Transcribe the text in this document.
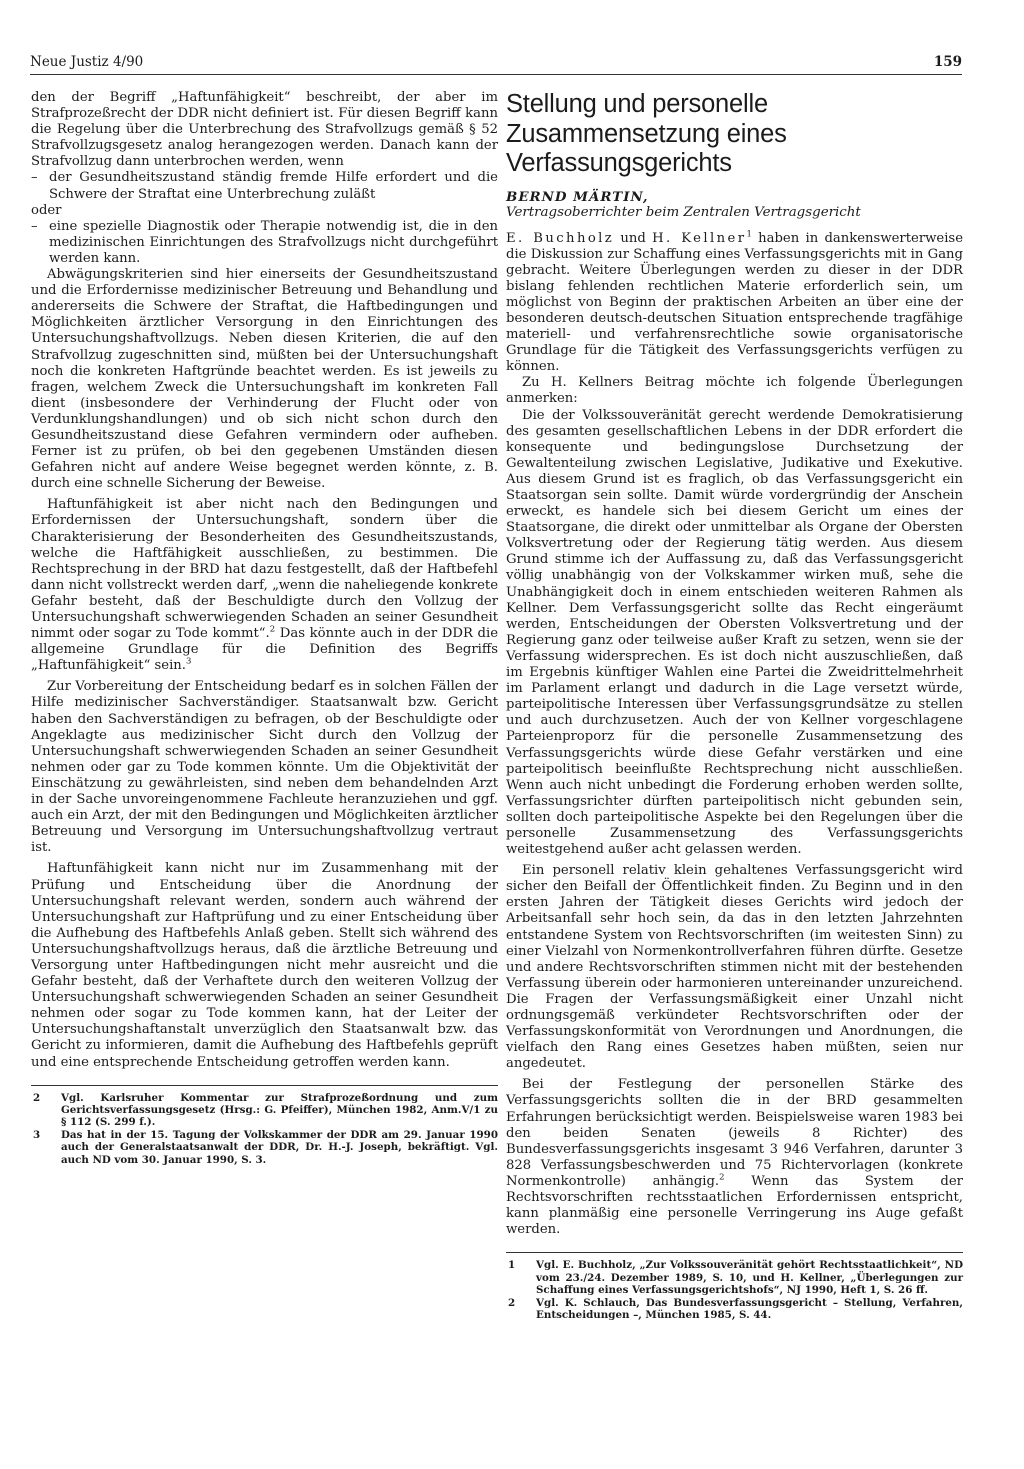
Neue Justiz 4/90	159

den der Begriff „Haftunfähigkeit“ beschreibt, der aber im Strafprozeßrecht der DDR nicht definiert ist. Für diesen Begriff kann die Regelung über die Unterbrechung des Strafvollzugs gemäß § 52 Strafvollzugsgesetz analog herangezogen werden. Danach kann der Strafvollzug dann unterbrochen werden, wenn

– der Gesundheitszustand ständig fremde Hilfe erfordert und die Schwere der Straftat eine Unterbrechung zuläßt

oder

– eine spezielle Diagnostik oder Therapie notwendig ist, die in den medizinischen Einrichtungen des Strafvollzugs nicht durchgeführt werden kann.

Abwägungskriterien sind hier einerseits der Gesundheitszustand und die Erfordernisse medizinischer Betreuung und Behandlung und andererseits die Schwere der Straftat, die Haftbedingungen und Möglichkeiten ärztlicher Versorgung in den Einrichtungen des Untersuchungshaftvollzugs. Neben diesen Kriterien, die auf den Strafvollzug zugeschnitten sind, müßten bei der Untersuchungshaft noch die konkreten Haftgründe beachtet werden. Es ist jeweils zu fragen, welchem Zweck die Untersuchungshaft im konkreten Fall dient (insbesondere der Verhinderung der Flucht oder von Verdunklungshandlungen) und ob sich nicht schon durch den Gesundheitszustand diese Gefahren vermindern oder aufheben. Ferner ist zu prüfen, ob bei den gegebenen Umständen diesen Gefahren nicht auf andere Weise begegnet werden könnte, z. B. durch eine schnelle Sicherung der Beweise.

Haftunfähigkeit ist aber nicht nach den Bedingungen und Erfordernissen der Untersuchungshaft, sondern über die Charakterisierung der Besonderheiten des Gesundheitszustands, welche die Haftfähigkeit ausschließen, zu bestimmen. Die Rechtsprechung in der BRD hat dazu festgestellt, daß der Haftbefehl dann nicht vollstreckt werden darf, „wenn die naheliegende konkrete Gefahr besteht, daß der Beschuldigte durch den Vollzug der Untersuchungshaft schwerwiegenden Schaden an seiner Gesundheit nimmt oder sogar zu Tode kommt“.$^2$ Das könnte auch in der DDR die allgemeine Grundlage für die Definition des Begriffs „Haftunfähigkeit“ sein.$^3$

Zur Vorbereitung der Entscheidung bedarf es in solchen Fällen der Hilfe medizinischer Sachverständiger. Staatsanwalt bzw. Gericht haben den Sachverständigen zu befragen, ob der Beschuldigte oder Angeklagte aus medizinischer Sicht durch den Vollzug der Untersuchungshaft schwerwiegenden Schaden an seiner Gesundheit nehmen oder gar zu Tode kommen könnte. Um die Objektivität der Einschätzung zu gewährleisten, sind neben dem behandelnden Arzt in der Sache unvoreingenommene Fachleute heranzuziehen und ggf. auch ein Arzt, der mit den Bedingungen und Möglichkeiten ärztlicher Betreuung und Versorgung im Untersuchungshaftvollzug vertraut ist.

Haftunfähigkeit kann nicht nur im Zusammenhang mit der Prüfung und Entscheidung über die Anordnung der Untersuchungshaft relevant werden, sondern auch während der Untersuchungshaft zur Haftprüfung und zu einer Entscheidung über die Aufhebung des Haftbefehls Anlaß geben. Stellt sich während des Untersuchungshaftvollzugs heraus, daß die ärztliche Betreuung und Versorgung unter Haftbedingungen nicht mehr ausreicht und die Gefahr besteht, daß der Verhaftete durch den weiteren Vollzug der Untersuchungshaft schwerwiegenden Schaden an seiner Gesundheit nehmen oder sogar zu Tode kommen kann, hat der Leiter der Untersuchungshaftanstalt unverzüglich den Staatsanwalt bzw. das Gericht zu informieren, damit die Aufhebung des Haftbefehls geprüft und eine entsprechende Entscheidung getroffen werden kann.

2 Vgl. Karlsruher Kommentar zur Strafprozeßordnung und zum Gerichtsverfassungsgesetz (Hrsg.: G. Pfeiffer), München 1982, Anm.V/1 zu § 112 (S. 299 f.).
3 Das hat in der 15. Tagung der Volkskammer der DDR am 29. Januar 1990 auch der Generalstaatsanwalt der DDR, Dr. H.-J. Joseph, bekräftigt. Vgl. auch ND vom 30. Januar 1990, S. 3.
Stellung und personelle Zusammensetzung eines Verfassungsgerichts
BERND MÄRTIN,
Vertragsoberrichter beim Zentralen Vertragsgericht

E. Buchholz und H. Kellner$^1$ haben in dankenswerterweise die Diskussion zur Schaffung eines Verfassungsgerichts mit in Gang gebracht. Weitere Überlegungen werden zu dieser in der DDR bislang fehlenden rechtlichen Materie erforderlich sein, um möglichst von Beginn der praktischen Arbeiten an über eine der besonderen deutsch-deutschen Situation entsprechende tragfähige materiell- und verfahrensrechtliche sowie organisatorische Grundlage für die Tätigkeit des Verfassungsgerichts verfügen zu können.

Zu H. Kellners Beitrag möchte ich folgende Überlegungen anmerken:

Die der Volkssouveränität gerecht werdende Demokratisierung des gesamten gesellschaftlichen Lebens in der DDR erfordert die konsequente und bedingungslose Durchsetzung der Gewaltenteilung zwischen Legislative, Judikative und Exekutive. Aus diesem Grund ist es fraglich, ob das Verfassungsgericht ein Staatsorgan sein sollte. Damit würde vordergründig der Anschein erweckt, es handele sich bei diesem Gericht um eines der Staatsorgane, die direkt oder unmittelbar als Organe der Obersten Volksvertretung oder der Regierung tätig werden. Aus diesem Grund stimme ich der Auffassung zu, daß das Verfassungsgericht völlig unabhängig von der Volkskammer wirken muß, sehe die Unabhängigkeit doch in einem entschieden weiteren Rahmen als Kellner. Dem Verfassungsgericht sollte das Recht eingeräumt werden, Entscheidungen der Obersten Volksvertretung und der Regierung ganz oder teilweise außer Kraft zu setzen, wenn sie der Verfassung widersprechen. Es ist doch nicht auszuschließen, daß im Ergebnis künftiger Wahlen eine Partei die Zweidrittelmehrheit im Parlament erlangt und dadurch in die Lage versetzt würde, parteipolitische Interessen über Verfassungsgrundsätze zu stellen und auch durchzusetzen. Auch der von Kellner vorgeschlagene Parteienproporz für die personelle Zusammensetzung des Verfassungsgerichts würde diese Gefahr verstärken und eine parteipolitisch beeinflußte Rechtsprechung nicht ausschließen. Wenn auch nicht unbedingt die Forderung erhoben werden sollte, Verfassungsrichter dürften parteipolitisch nicht gebunden sein, sollten doch parteipolitische Aspekte bei den Regelungen über die personelle Zusammensetzung des Verfassungsgerichts weitestgehend außer acht gelassen werden.

Ein personell relativ klein gehaltenes Verfassungsgericht wird sicher den Beifall der Öffentlichkeit finden. Zu Beginn und in den ersten Jahren der Tätigkeit dieses Gerichts wird jedoch der Arbeitsanfall sehr hoch sein, da das in den letzten Jahrzehnten entstandene System von Rechtsvorschriften (im weitesten Sinn) zu einer Vielzahl von Normenkontrollverfahren führen dürfte. Gesetze und andere Rechtsvorschriften stimmen nicht mit der bestehenden Verfassung überein oder harmonieren untereinander unzureichend. Die Fragen der Verfassungsmäßigkeit einer Unzahl nicht ordnungsgemäß verkündeter Rechtsvorschriften oder der Verfassungskonformität von Verordnungen und Anordnungen, die vielfach den Rang eines Gesetzes haben müßten, seien nur angedeutet.

Bei der Festlegung der personellen Stärke des Verfassungsgerichts sollten die in der BRD gesammelten Erfahrungen berücksichtigt werden. Beispielsweise waren 1983 bei den beiden Senaten (jeweils 8 Richter) des Bundesverfassungsgerichts insgesamt 3 946 Verfahren, darunter 3 828 Verfassungsbeschwerden und 75 Richtervorlagen (konkrete Normenkontrolle) anhängig.$^2$ Wenn das System der Rechtsvorschriften rechtsstaatlichen Erfordernissen entspricht, kann planmäßig eine personelle Verringerung ins Auge gefaßt werden.

1 Vgl. E. Buchholz, „Zur Volkssouveränität gehört Rechtsstaatlichkeit“, ND vom 23./24. Dezember 1989, S. 10, und H. Kellner, „Überlegungen zur Schaffung eines Verfassungsgerichtshofs“, NJ 1990, Heft 1, S. 26 ff.
2 Vgl. K. Schlauch, Das Bundesverfassungsgericht – Stellung, Verfahren, Entscheidungen –, München 1985, S. 44.
